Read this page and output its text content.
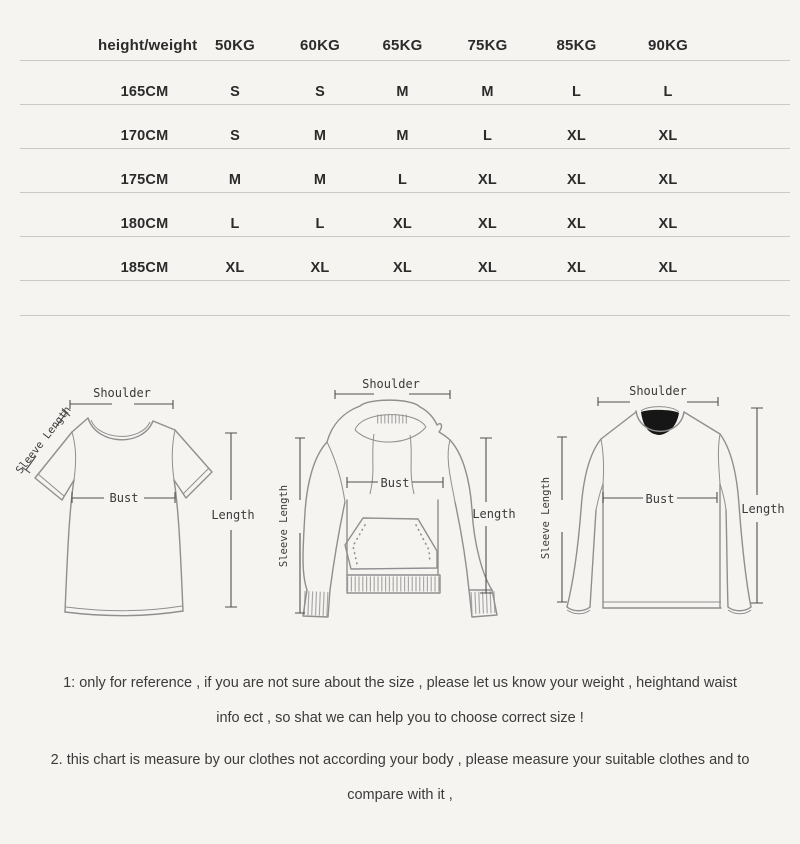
height/weight	50KG	60KG	65KG	75KG	85KG	90KG
165CM	S	S	M	M	L	L
170CM	S	M	M	L	XL	XL
175CM	M	M	L	XL	XL	XL
180CM	L	L	XL	XL	XL	XL
185CM	XL	XL	XL	XL	XL	XL
Shoulder
Sleeve Length
Bust
Length
Shoulder
Sleeve Length
Bust
Length
Shoulder
Sleeve Length	Bust
Length

1: only for reference , if you are not sure about the size , please let us know your weight , heightand waist

info ect , so shat we can help you to choose correct size !

2. this chart is measure by our clothes not according your body , please measure your suitable clothes and to

compare with it ,
